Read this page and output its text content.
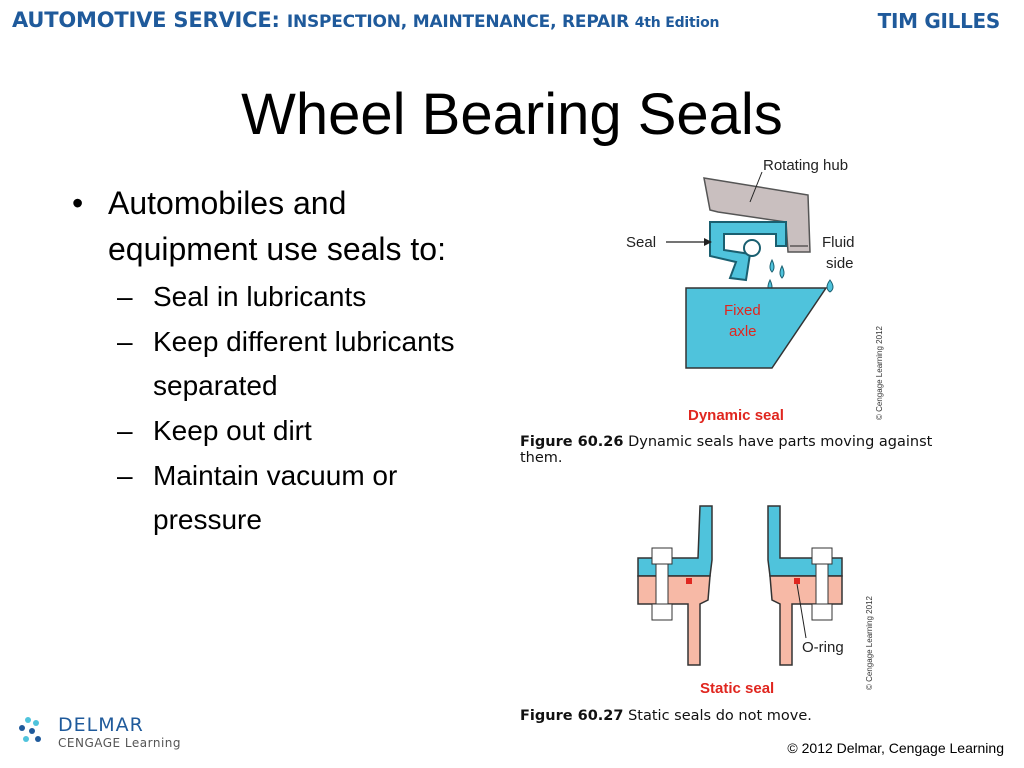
AUTOMOTIVE SERVICE: INSPECTION, MAINTENANCE, REPAIR 4th Edition	TIM GILLES
Wheel Bearing Seals
• Automobiles and equipment use seals to:
– Seal in lubricants
– Keep different lubricants separated
– Keep out dirt
– Maintain vacuum or pressure
Rotating hub
Seal	Fluid
side
Fixed
axle
Dynamic seal	© Cengage Learning 2012
Figure 60.26 Dynamic seals have parts moving against them.
O-ring
Static seal	© Cengage Learning 2012
Figure 60.27 Static seals do not move.
DELMAR
CENGAGE Learning	© 2012 Delmar, Cengage Learning
